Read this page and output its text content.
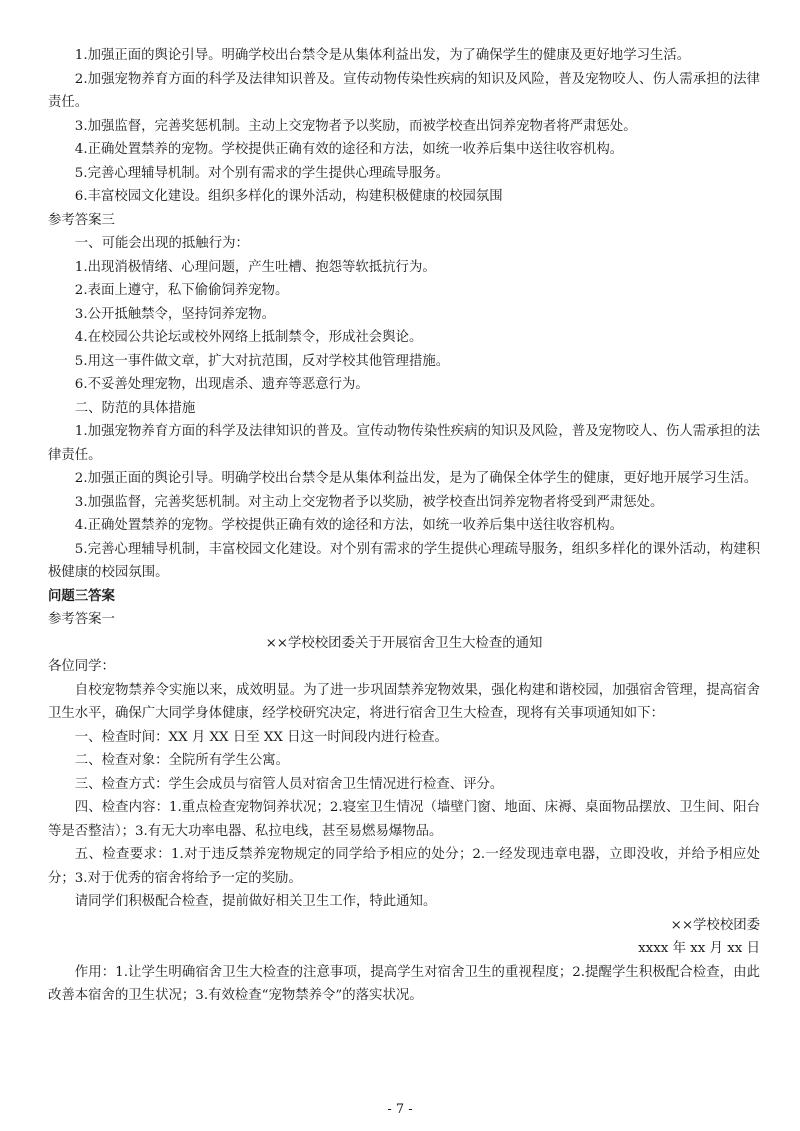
1.加强正面的舆论引导。明确学校出台禁令是从集体利益出发，为了确保学生的健康及更好地学习生活。

2.加强宠物养育方面的科学及法律知识普及。宣传动物传染性疾病的知识及风险，普及宠物咬人、伤人需承担的法律责任。

3.加强监督，完善奖惩机制。主动上交宠物者予以奖励，而被学校查出饲养宠物者将严肃惩处。

4.正确处置禁养的宠物。学校提供正确有效的途径和方法，如统一收养后集中送往收容机构。

5.完善心理辅导机制。对个别有需求的学生提供心理疏导服务。

6.丰富校园文化建设。组织多样化的课外活动，构建积极健康的校园氛围

参考答案三

一、可能会出现的抵触行为：

1.出现消极情绪、心理问题，产生吐槽、抱怨等软抵抗行为。

2.表面上遵守，私下偷偷饲养宠物。

3.公开抵触禁令，坚持饲养宠物。

4.在校园公共论坛或校外网络上抵制禁令，形成社会舆论。

5.用这一事件做文章，扩大对抗范围，反对学校其他管理措施。

6.不妥善处理宠物，出现虐杀、遗弃等恶意行为。

二、防范的具体措施

1.加强宠物养育方面的科学及法律知识的普及。宣传动物传染性疾病的知识及风险，普及宠物咬人、伤人需承担的法律责任。

2.加强正面的舆论引导。明确学校出台禁令是从集体利益出发，是为了确保全体学生的健康，更好地开展学习生活。

3.加强监督，完善奖惩机制。对主动上交宠物者予以奖励，被学校查出饲养宠物者将受到严肃惩处。

4.正确处置禁养的宠物。学校提供正确有效的途径和方法，如统一收养后集中送往收容机构。

5.完善心理辅导机制，丰富校园文化建设。对个别有需求的学生提供心理疏导服务，组织多样化的课外活动，构建积极健康的校园氛围。

问题三答案

参考答案一

××学校校团委关于开展宿舍卫生大检查的通知

各位同学：

自校宠物禁养令实施以来，成效明显。为了进一步巩固禁养宠物效果，强化构建和谐校园，加强宿舍管理，提高宿舍卫生水平，确保广大同学身体健康，经学校研究决定，将进行宿舍卫生大检查，现将有关事项通知如下：

一、检查时间：XX 月 XX 日至 XX 日这一时间段内进行检查。

二、检查对象：全院所有学生公寓。

三、检查方式：学生会成员与宿管人员对宿舍卫生情况进行检查、评分。

四、检查内容：1.重点检查宠物饲养状况；2.寝室卫生情况（墙壁门窗、地面、床褥、桌面物品摆放、卫生间、阳台等是否整洁）；3.有无大功率电器、私拉电线，甚至易燃易爆物品。

五、检查要求：1.对于违反禁养宠物规定的同学给予相应的处分；2.一经发现违章电器，立即没收，并给予相应处分；3.对于优秀的宿舍将给予一定的奖励。

请同学们积极配合检查，提前做好相关卫生工作，特此通知。

××学校校团委

xxxx 年 xx 月 xx 日

作用：1.让学生明确宿舍卫生大检查的注意事项，提高学生对宿舍卫生的重视程度；2.提醒学生积极配合检查，由此改善本宿舍的卫生状况；3.有效检查“宠物禁养令”的落实状况。

- 7 -
